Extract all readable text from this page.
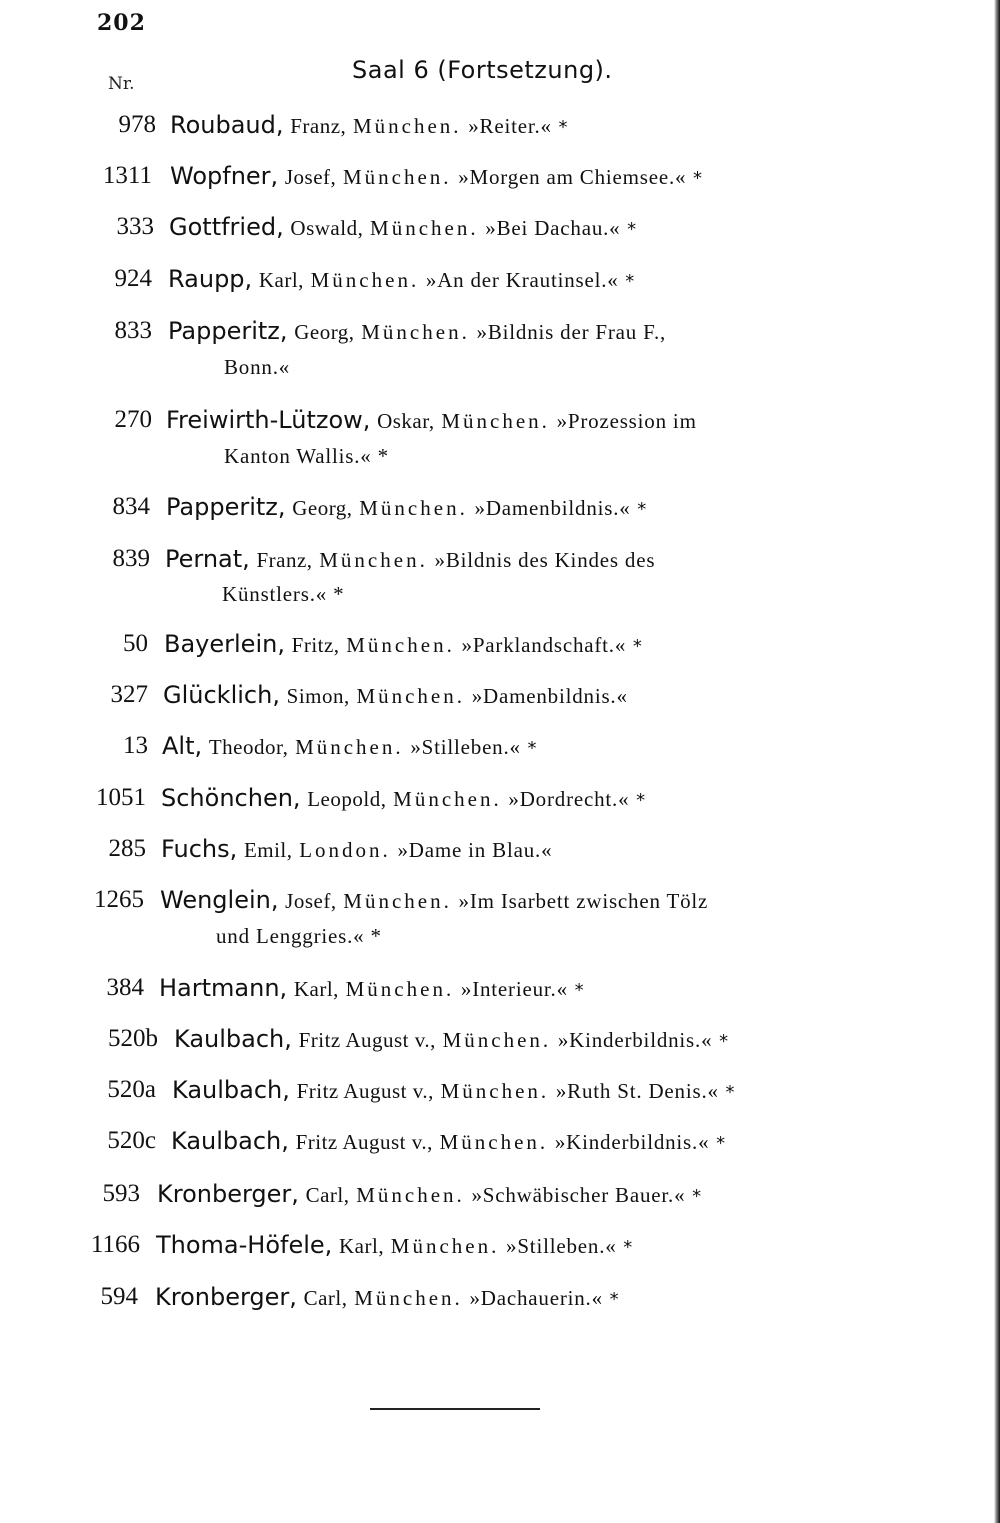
202
Nr.	Saal 6 (Fortsetzung).
978 Roubaud, Franz, München. »Reiter.« *
1311 Wopfner, Josef, München. »Morgen am Chiemsee.« *
333 Gottfried, Oswald, München. »Bei Dachau.« *
924 Raupp, Karl, München. »An der Krautinsel.« *
833 Papperitz, Georg, München. »Bildnis der Frau F.,
Bonn.«
270 Freiwirth-Lützow, Oskar, München. »Prozession im
Kanton Wallis.« *
834 Papperitz, Georg, München. »Damenbildnis.« *
839 Pernat, Franz, München. »Bildnis des Kindes des
Künstlers.« *
50 Bayerlein, Fritz, München. »Parklandschaft.« *
327 Glücklich, Simon, München. »Damenbildnis.«
13 Alt, Theodor, München. »Stilleben.« *
1051 Schönchen, Leopold, München. »Dordrecht.« *
285 Fuchs, Emil, London. »Dame in Blau.«
1265 Wenglein, Josef, München. »Im Isarbett zwischen Tölz
und Lenggries.« *
384 Hartmann, Karl, München. »Interieur.« *
520b Kaulbach, Fritz August v., München. »Kinderbildnis.« *
520a Kaulbach, Fritz August v., München. »Ruth St. Denis.« *
520c Kaulbach, Fritz August v., München. »Kinderbildnis.« *
593 Kronberger, Carl, München. »Schwäbischer Bauer.« *
1166 Thoma-Höfele, Karl, München. »Stilleben.« *
594 Kronberger, Carl, München. »Dachauerin.« *
